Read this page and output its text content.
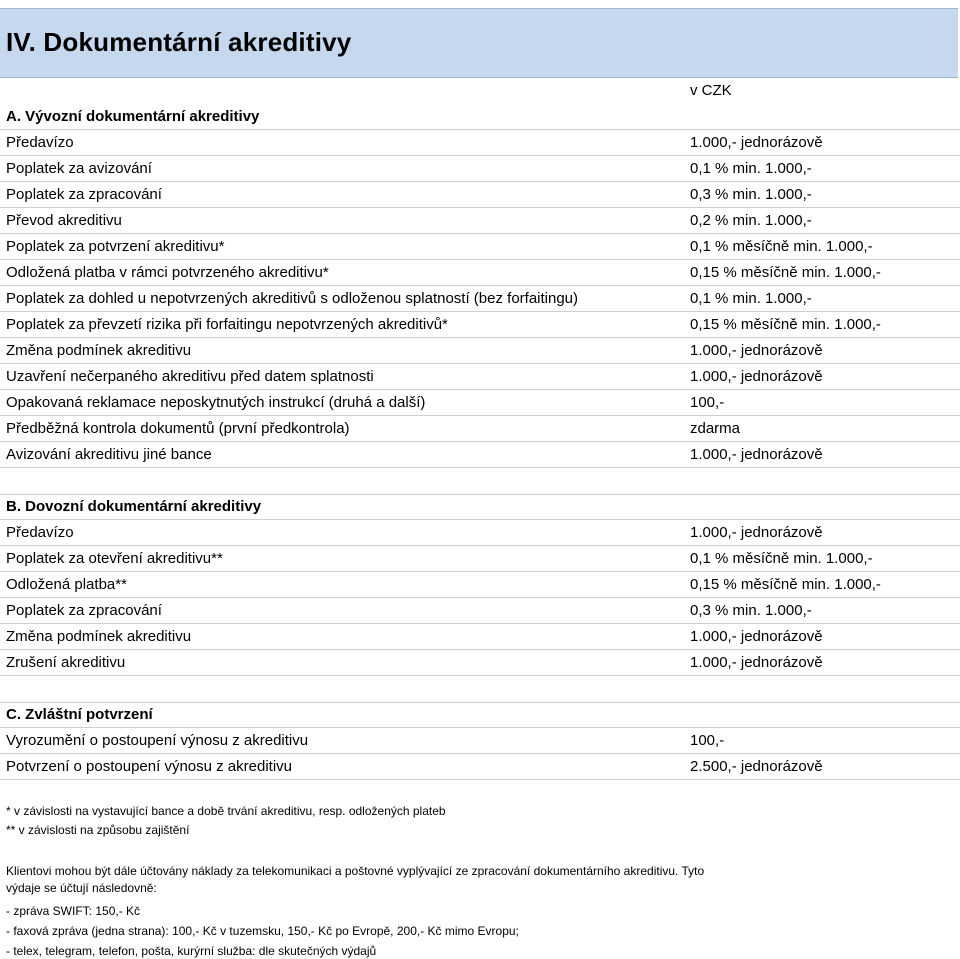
IV. Dokumentární akreditivy
v CZK
A. Vývozní dokumentární akreditivy
Předavízo	1.000,- jednorázově
Poplatek za avizování	0,1 % min. 1.000,-
Poplatek za zpracování	0,3 % min. 1.000,-
Převod akreditivu	0,2 % min. 1.000,-
Poplatek za potvrzení akreditivu*	0,1 % měsíčně min. 1.000,-
Odložená platba v rámci potvrzeného akreditivu*	0,15 % měsíčně min. 1.000,-
Poplatek za dohled u nepotvrzených akreditivů s odloženou splatností (bez forfaitingu)	0,1 % min. 1.000,-
Poplatek za převzetí rizika při forfaitingu nepotvrzených akreditivů*	0,15 % měsíčně min. 1.000,-
Změna podmínek akreditivu	1.000,- jednorázově
Uzavření nečerpaného akreditivu před datem splatnosti	1.000,- jednorázově
Opakovaná reklamace neposkytnutých instrukcí (druhá a další)	100,-
Předběžná kontrola dokumentů (první předkontrola)	zdarma
Avizování akreditivu jiné bance	1.000,- jednorázově
B. Dovozní dokumentární akreditivy
Předavízo	1.000,- jednorázově
Poplatek za otevření akreditivu**	0,1 % měsíčně min. 1.000,-
Odložená platba**	0,15 % měsíčně min. 1.000,-
Poplatek za zpracování	0,3 % min. 1.000,-
Změna podmínek akreditivu	1.000,- jednorázově
Zrušení akreditivu	1.000,- jednorázově
C. Zvláštní potvrzení
Vyrozumění o postoupení výnosu z akreditivu	100,-
Potvrzení o postoupení výnosu z akreditivu	2.500,- jednorázově
* v závislosti na vystavující bance a době trvání akreditivu, resp. odložených plateb
** v závislosti na způsobu zajištění
Klientovi mohou být dále účtovány náklady za telekomunikaci a poštovné vyplývající ze zpracování dokumentárního akreditivu. Tyto výdaje se účtují následovně:
- zpráva SWIFT: 150,- Kč
- faxová zpráva (jedna strana): 100,- Kč v tuzemsku, 150,- Kč po Evropě, 200,- Kč mimo Evropu;
- telex, telegram, telefon, pošta, kurýrní služba: dle skutečných výdajů
